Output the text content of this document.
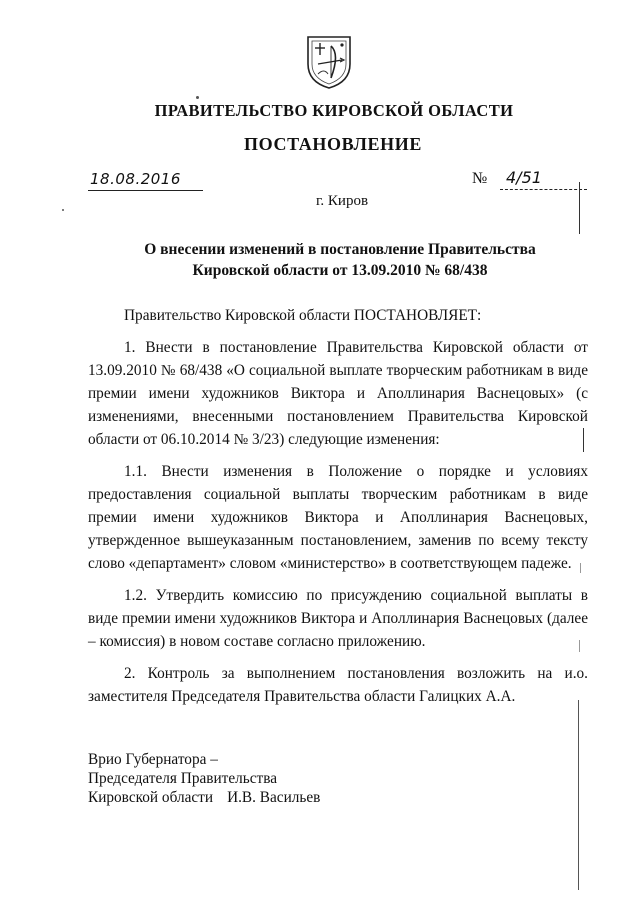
ПРАВИТЕЛЬСТВО КИРОВСКОЙ ОБЛАСТИ
ПОСТАНОВЛЕНИЕ
18.08.2016	№ 4/51
г. Киров
О внесении изменений в постановление Правительства
Кировской области от 13.09.2010 № 68/438

Правительство Кировской области ПОСТАНОВЛЯЕТ:

1. Внести в постановление Правительства Кировской области от 13.09.2010 № 68/438 «О социальной выплате творческим работникам в виде премии имени художников Виктора и Аполлинария Васнецовых» (с изменениями, внесенными постановлением Правительства Кировской области от 06.10.2014 № 3/23) следующие изменения:

1.1. Внести изменения в Положение о порядке и условиях предоставления социальной выплаты творческим работникам в виде премии имени художников Виктора и Аполлинария Васнецовых, утвержденное вышеуказанным постановлением, заменив по всему тексту слово «департамент» словом «министерство» в соответствующем падеже.

1.2. Утвердить комиссию по присуждению социальной выплаты в виде премии имени художников Виктора и Аполлинария Васнецовых (далее – комиссия) в новом составе согласно приложению.

2. Контроль за выполнением постановления возложить на и.о. заместителя Председателя Правительства области Галицких А.А.

Врио Губернатора –
Председателя Правительства
Кировской области И.В. Васильев
